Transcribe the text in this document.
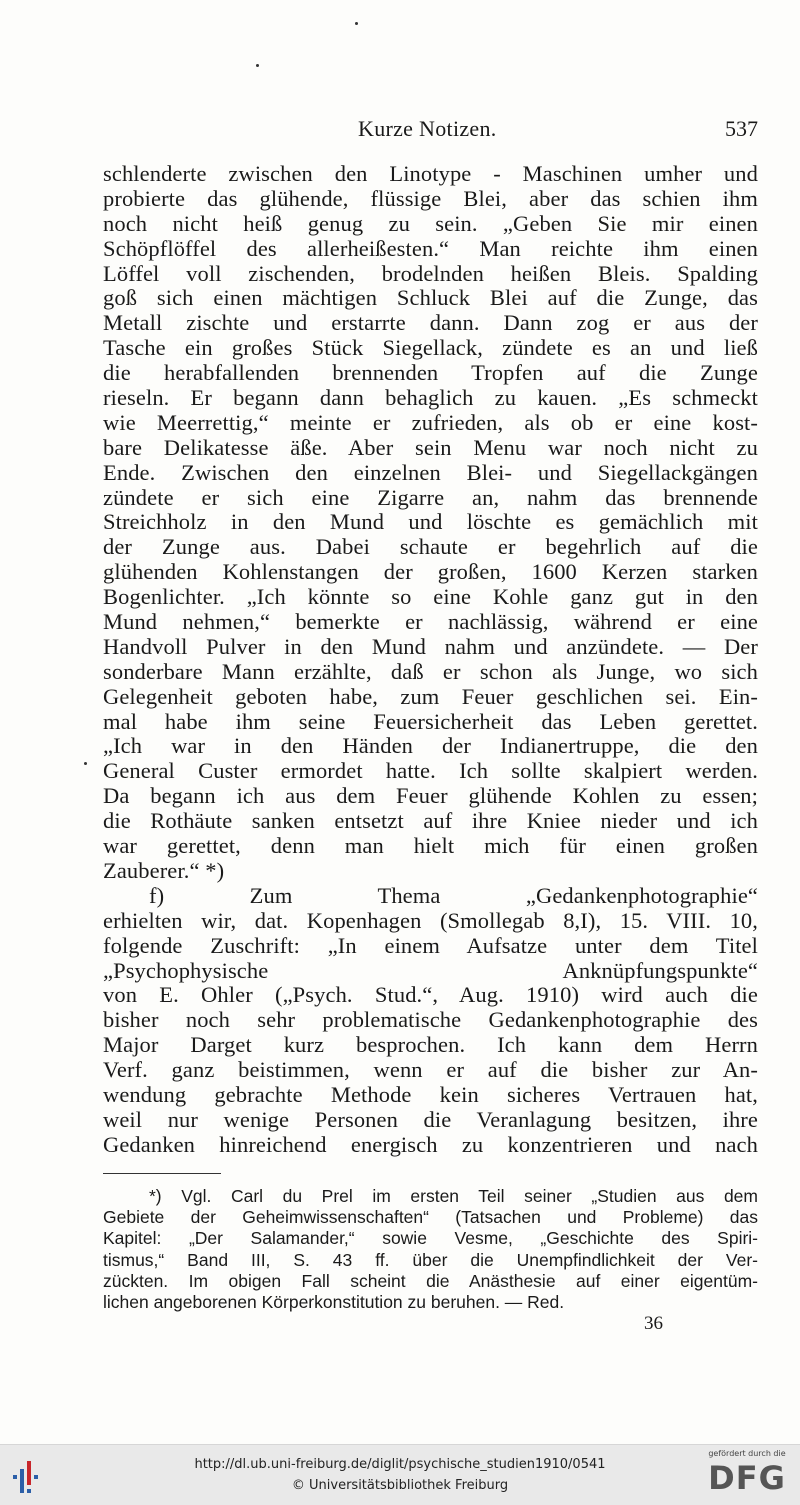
Kurze Notizen.	537
schlenderte zwischen den Linotype - Maschinen umher und
probierte das glühende, flüssige Blei, aber das schien ihm
noch nicht heiß genug zu sein. „Geben Sie mir einen
Schöpflöffel des allerheißesten.“ Man reichte ihm einen
Löffel voll zischenden, brodelnden heißen Bleis. Spalding
goß sich einen mächtigen Schluck Blei auf die Zunge, das
Metall zischte und erstarrte dann. Dann zog er aus der
Tasche ein großes Stück Siegellack, zündete es an und ließ
die herabfallenden brennenden Tropfen auf die Zunge
rieseln. Er begann dann behaglich zu kauen. „Es schmeckt
wie Meerrettig,“ meinte er zufrieden, als ob er eine kost-
bare Delikatesse äße. Aber sein Menu war noch nicht zu
Ende. Zwischen den einzelnen Blei- und Siegellackgängen
zündete er sich eine Zigarre an, nahm das brennende
Streichholz in den Mund und löschte es gemächlich mit
der Zunge aus. Dabei schaute er begehrlich auf die
glühenden Kohlenstangen der großen, 1600 Kerzen starken
Bogenlichter. „Ich könnte so eine Kohle ganz gut in den
Mund nehmen,“ bemerkte er nachlässig, während er eine
Handvoll Pulver in den Mund nahm und anzündete. — Der
sonderbare Mann erzählte, daß er schon als Junge, wo sich
Gelegenheit geboten habe, zum Feuer geschlichen sei. Ein-
mal habe ihm seine Feuersicherheit das Leben gerettet.
„Ich war in den Händen der Indianertruppe, die den
General Custer ermordet hatte. Ich sollte skalpiert werden.
Da begann ich aus dem Feuer glühende Kohlen zu essen;
die Rothäute sanken entsetzt auf ihre Kniee nieder und ich
war gerettet, denn man hielt mich für einen großen
Zauberer.“ *)
f) Zum Thema „Gedankenphotographie“
erhielten wir, dat. Kopenhagen (Smollegab 8,I), 15. VIII. 10,
folgende Zuschrift: „In einem Aufsatze unter dem Titel
„Psychophysische Anknüpfungspunkte“
von E. Ohler („Psych. Stud.“, Aug. 1910) wird auch die
bisher noch sehr problematische Gedankenphotographie des
Major Darget kurz besprochen. Ich kann dem Herrn
Verf. ganz beistimmen, wenn er auf die bisher zur An-
wendung gebrachte Methode kein sicheres Vertrauen hat,
weil nur wenige Personen die Veranlagung besitzen, ihre
Gedanken hinreichend energisch zu konzentrieren und nach
*) Vgl. Carl du Prel im ersten Teil seiner „Studien aus dem
Gebiete der Geheimwissenschaften“ (Tatsachen und Probleme) das
Kapitel: „Der Salamander,“ sowie Vesme, „Geschichte des Spiri-
tismus,“ Band III, S. 43 ff. über die Unempfindlichkeit der Ver-
zückten. Im obigen Fall scheint die Anästhesie auf einer eigentüm-
lichen angeborenen Körperkonstitution zu beruhen. — Red.
36
http://dl.ub.uni-freiburg.de/diglit/psychische_studien1910/0541
© Universitätsbibliothek Freiburg
gefördert durch die
DFG
